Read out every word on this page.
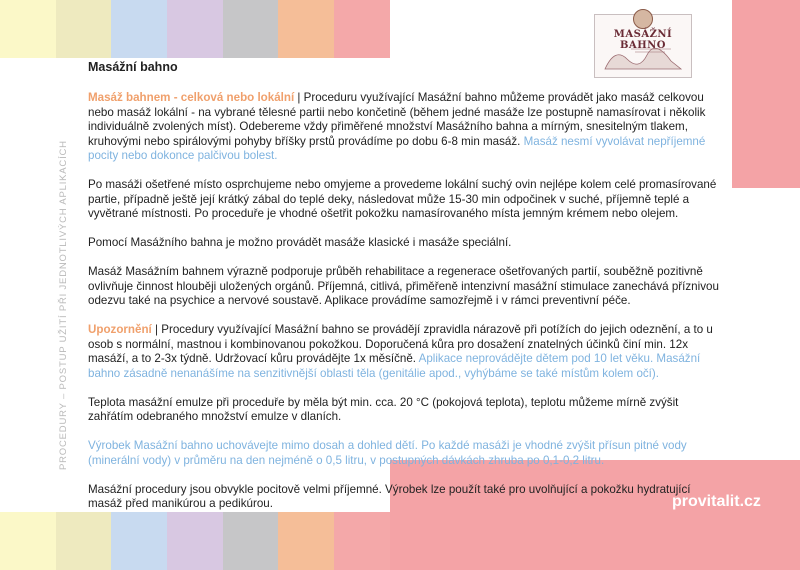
PROCEDURY – POSTUP UŽITÍ PŘI JEDNOTLIVÝCH APLIKACÍCH
MASÁŽNÍ BAHNO
Masážní bahno

Masáž bahnem - celková nebo lokální | Proceduru využívající Masážní bahno můžeme provádět jako masáž celkovou nebo masáž lokální - na vybrané tělesné partii nebo končetině (během jedné masáže lze postupně namasírovat i několik individuálně zvolených míst). Odebereme vždy přiměřené množství Masážního bahna a mírným, snesitelným tlakem, kruhovými nebo spirálovými pohyby bříšky prstů provádíme po dobu 6-8 min masáž. Masáž nesmí vyvolávat nepříjemné pocity nebo dokonce palčivou bolest.

Po masáži ošetřené místo osprchujeme nebo omyjeme a provedeme lokální suchý ovin nejlépe kolem celé promasírované partie, případně ještě její krátký zábal do teplé deky, následovat může 15-30 min odpočinek v suché, příjemně teplé a vyvětrané místnosti. Po proceduře je vhodné ošetřit pokožku namasírovaného místa jemným krémem nebo olejem.

Pomocí Masážního bahna je možno provádět masáže klasické i masáže speciální.

Masáž Masážním bahnem výrazně podporuje průběh rehabilitace a regenerace ošetřovaných partií, souběžně pozitivně ovlivňuje činnost hlouběji uložených orgánů. Příjemná, citlivá, přiměřeně intenzivní masážní stimulace zanechává příznivou odezvu také na psychice a nervové soustavě. Aplikace provádíme samozřejmě i v rámci preventivní péče.

Upozornění | Procedury využívající Masážní bahno se provádějí zpravidla nárazově při potížích do jejich odeznění, a to u osob s normální, mastnou i kombinovanou pokožkou. Doporučená kůra pro dosažení znatelných účinků činí min. 12x masáží, a to 2-3x týdně. Udržovací kůru provádějte 1x měsíčně. Aplikace neprovádějte dětem pod 10 let věku. Masážní bahno zásadně nenanášíme na senzitivnější oblasti těla (genitálie apod., vyhýbáme se také místům kolem očí).

Teplota masážní emulze při proceduře by měla být min. cca. 20 °C (pokojová teplota), teplotu můžeme mírně zvýšit zahřátím odebraného množství emulze v dlaních.

Výrobek Masážní bahno uchovávejte mimo dosah a dohled dětí. Po každé masáži je vhodné zvýšit přísun pitné vody (minerální vody) v průměru na den nejméně o 0,5 litru, v postupných dávkách zhruba po 0,1-0,2 litru.

Masážní procedury jsou obvykle pocitově velmi příjemné. Výrobek lze použít také pro uvolňující a pokožku hydratující masáž před manikúrou a pedikúrou.	provitalit.cz
